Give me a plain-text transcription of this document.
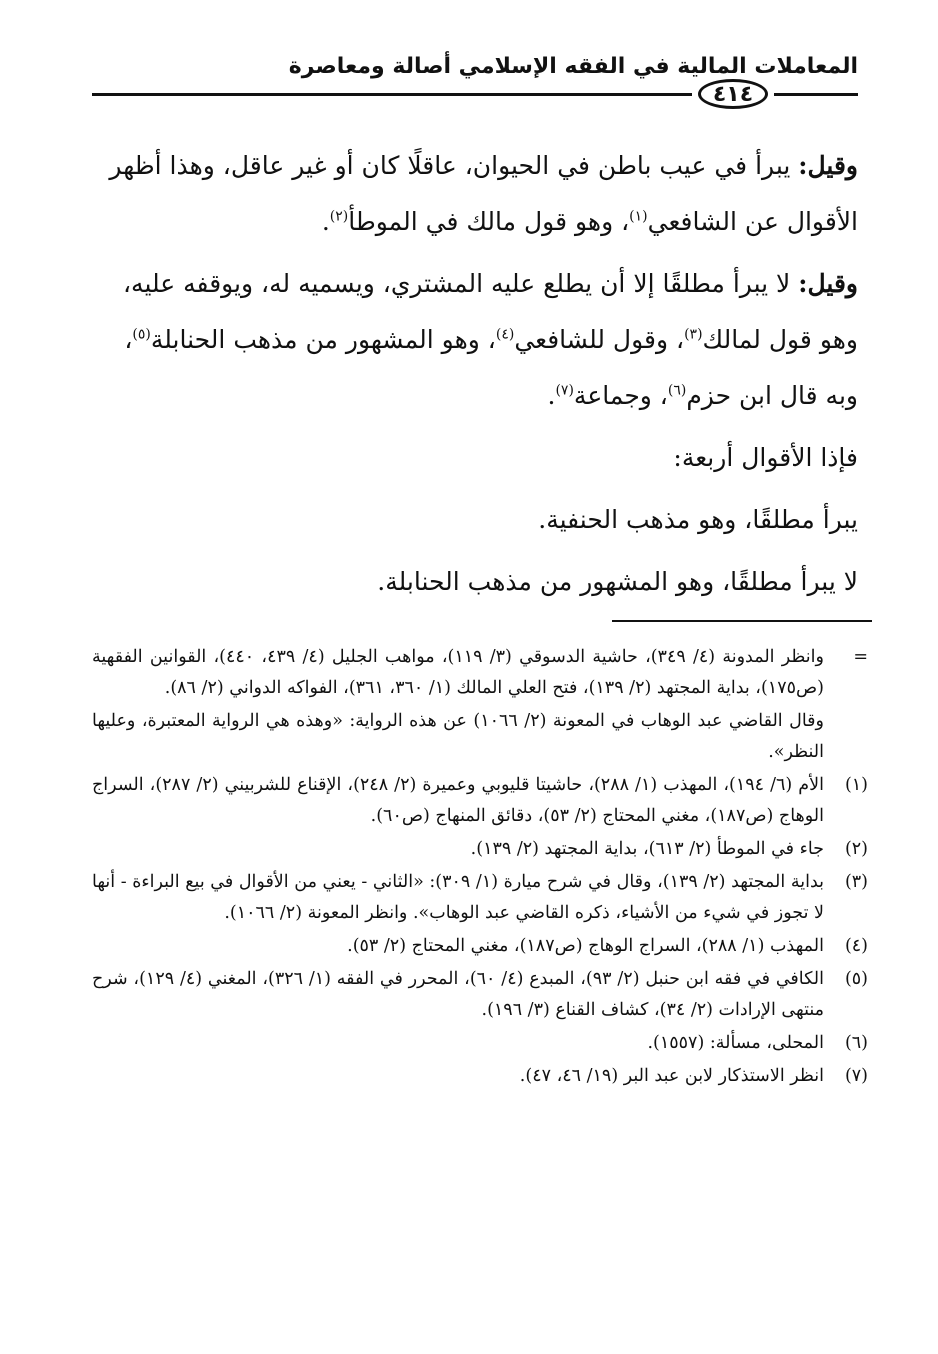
المعاملات المالية في الفقه الإسلامي أصالة ومعاصرة
٤١٤

وقيل: يبرأ في عيب باطن في الحيوان، عاقلًا كان أو غير عاقل، وهذا أظهر الأقوال عن الشافعي$^{(١)}$، وهو قول مالك في الموطأ$^{(٢)}$.

وقيل: لا يبرأ مطلقًا إلا أن يطلع عليه المشتري، ويسميه له، ويوقفه عليه، وهو قول لمالك$^{(٣)}$، وقول للشافعي$^{(٤)}$، وهو المشهور من مذهب الحنابلة$^{(٥)}$، وبه قال ابن حزم$^{(٦)}$، وجماعة$^{(٧)}$.

فإذا الأقوال أربعة:

يبرأ مطلقًا، وهو مذهب الحنفية.

لا يبرأ مطلقًا، وهو المشهور من مذهب الحنابلة.

=
وانظر المدونة (٤/ ٣٤٩)، حاشية الدسوقي (٣/ ١١٩)، مواهب الجليل (٤/ ٤٣٩، ٤٤٠)، القوانين الفقهية (ص١٧٥)، بداية المجتهد (٢/ ١٣٩)، فتح العلي المالك (١/ ٣٦٠، ٣٦١)، الفواكه الدواني (٢/ ٨٦).
وقال القاضي عبد الوهاب في المعونة (٢/ ١٠٦٦) عن هذه الرواية: «وهذه هي الرواية المعتبرة، وعليها النظر».
(١)
الأم (٦/ ١٩٤)، المهذب (١/ ٢٨٨)، حاشيتا قليوبي وعميرة (٢/ ٢٤٨)، الإقناع للشربيني (٢/ ٢٨٧)، السراج الوهاج (ص١٨٧)، مغني المحتاج (٢/ ٥٣)، دقائق المنهاج (ص٦٠).
(٢)
جاء في الموطأ (٢/ ٦١٣)، بداية المجتهد (٢/ ١٣٩).
(٣)
بداية المجتهد (٢/ ١٣٩)، وقال في شرح ميارة (١/ ٣٠٩): «الثاني - يعني من الأقوال في بيع البراءة - أنها لا تجوز في شيء من الأشياء، ذكره القاضي عبد الوهاب». وانظر المعونة (٢/ ١٠٦٦).
(٤)
المهذب (١/ ٢٨٨)، السراج الوهاج (ص١٨٧)، مغني المحتاج (٢/ ٥٣).
(٥)
الكافي في فقه ابن حنبل (٢/ ٩٣)، المبدع (٤/ ٦٠)، المحرر في الفقه (١/ ٣٢٦)، المغني (٤/ ١٢٩)، شرح منتهى الإرادات (٢/ ٣٤)، كشاف القناع (٣/ ١٩٦).
(٦)
المحلى، مسألة: (١٥٥٧).
(٧)
انظر الاستذكار لابن عبد البر (١٩/ ٤٦، ٤٧).
